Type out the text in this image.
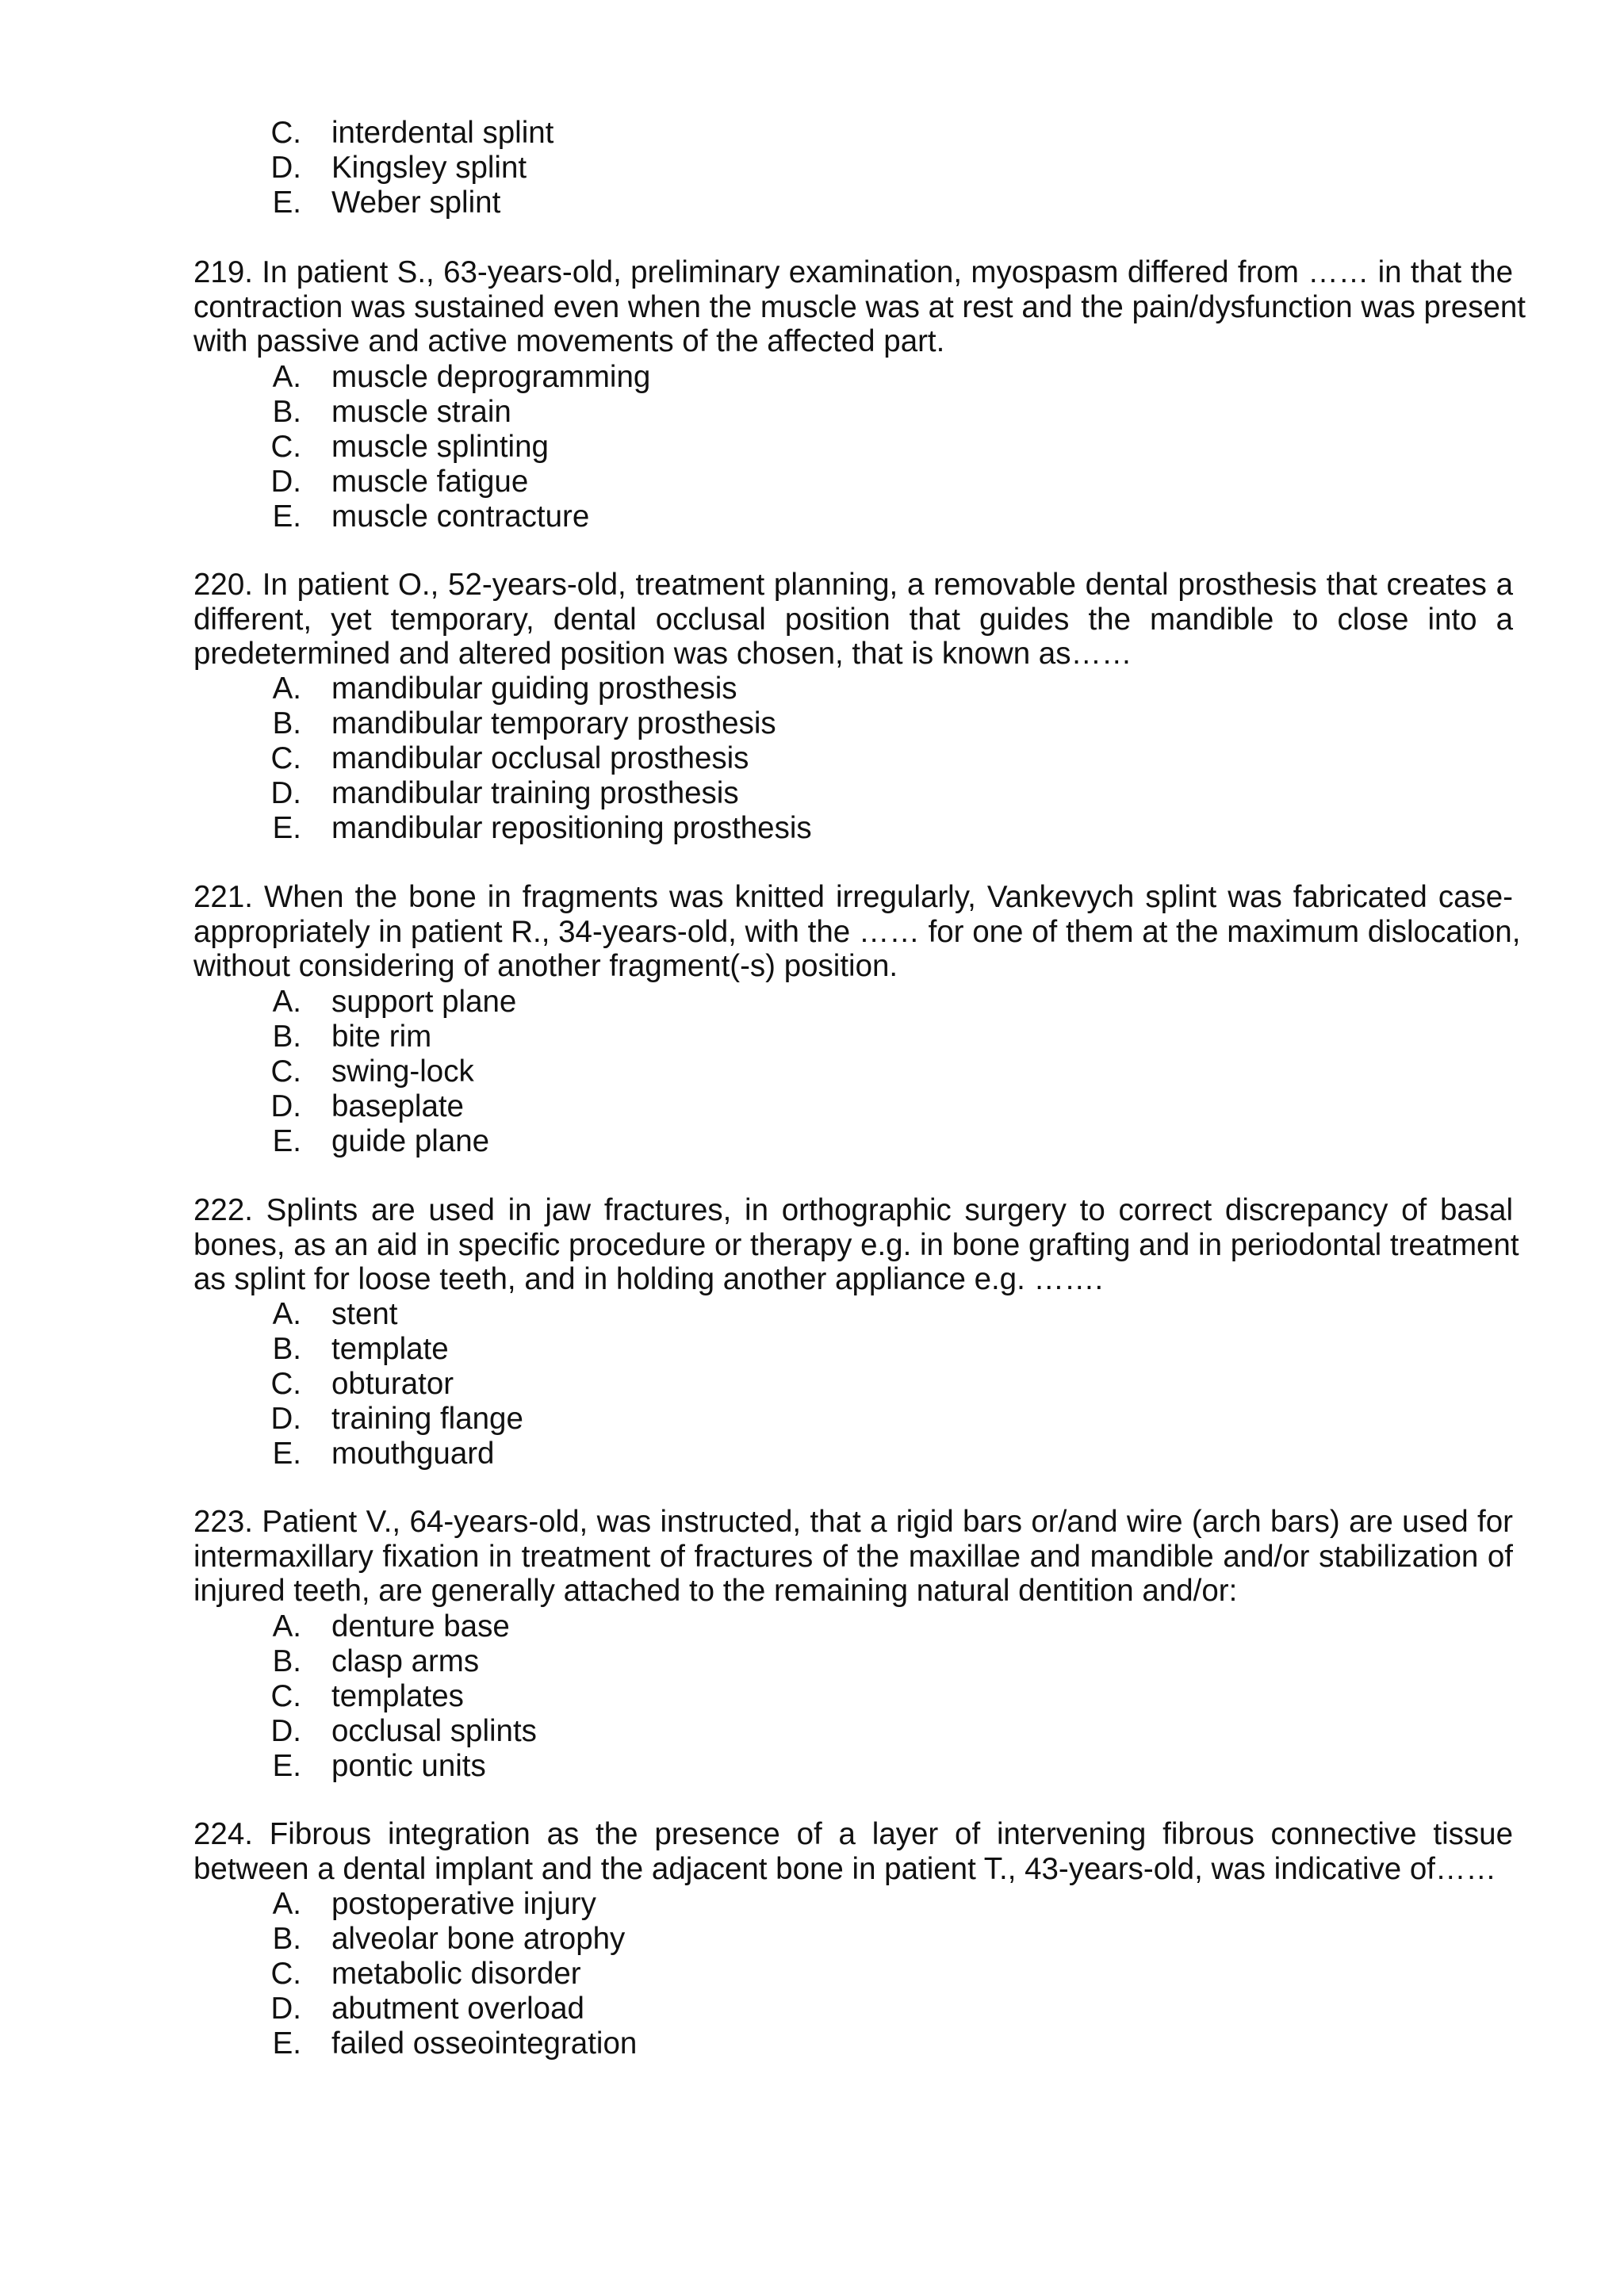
C. interdental splint
D. Kingsley splint
E. Weber splint
219. In patient S., 63-years-old, preliminary examination, myospasm differed from …… in that the
contraction was sustained even when the muscle was at rest and the pain/dysfunction was present
with passive and active movements of the affected part.
A. muscle deprogramming
B. muscle strain
C. muscle splinting
D. muscle fatigue
E. muscle contracture
220. In patient O., 52-years-old, treatment planning, a removable dental prosthesis that creates a
different, yet temporary, dental occlusal position that guides the mandible to close into a
predetermined and altered position was chosen, that is known as……
A. mandibular guiding prosthesis
B. mandibular temporary prosthesis
C. mandibular occlusal prosthesis
D. mandibular training prosthesis
E. mandibular repositioning prosthesis
221. When the bone in fragments was knitted irregularly, Vankevych splint was fabricated case-
appropriately in patient R., 34-years-old, with the …… for one of them at the maximum dislocation,
without considering of another fragment(-s) position.
A. support plane
B. bite rim
C. swing-lock
D. baseplate
E. guide plane
222. Splints are used in jaw fractures, in orthographic surgery to correct discrepancy of basal
bones, as an aid in specific procedure or therapy e.g. in bone grafting and in periodontal treatment
as splint for loose teeth, and in holding another appliance e.g. …….
A. stent
B. template
C. obturator
D. training flange
E. mouthguard
223. Patient V., 64-years-old, was instructed, that a rigid bars or/and wire (arch bars) are used for
intermaxillary fixation in treatment of fractures of the maxillae and mandible and/or stabilization of
injured teeth, are generally attached to the remaining natural dentition and/or:
A. denture base
B. clasp arms
C. templates
D. occlusal splints
E. pontic units
224. Fibrous integration as the presence of a layer of intervening fibrous connective tissue
between a dental implant and the adjacent bone in patient T., 43-years-old, was indicative of……
A. postoperative injury
B. alveolar bone atrophy
C. metabolic disorder
D. abutment overload
E. failed osseointegration
